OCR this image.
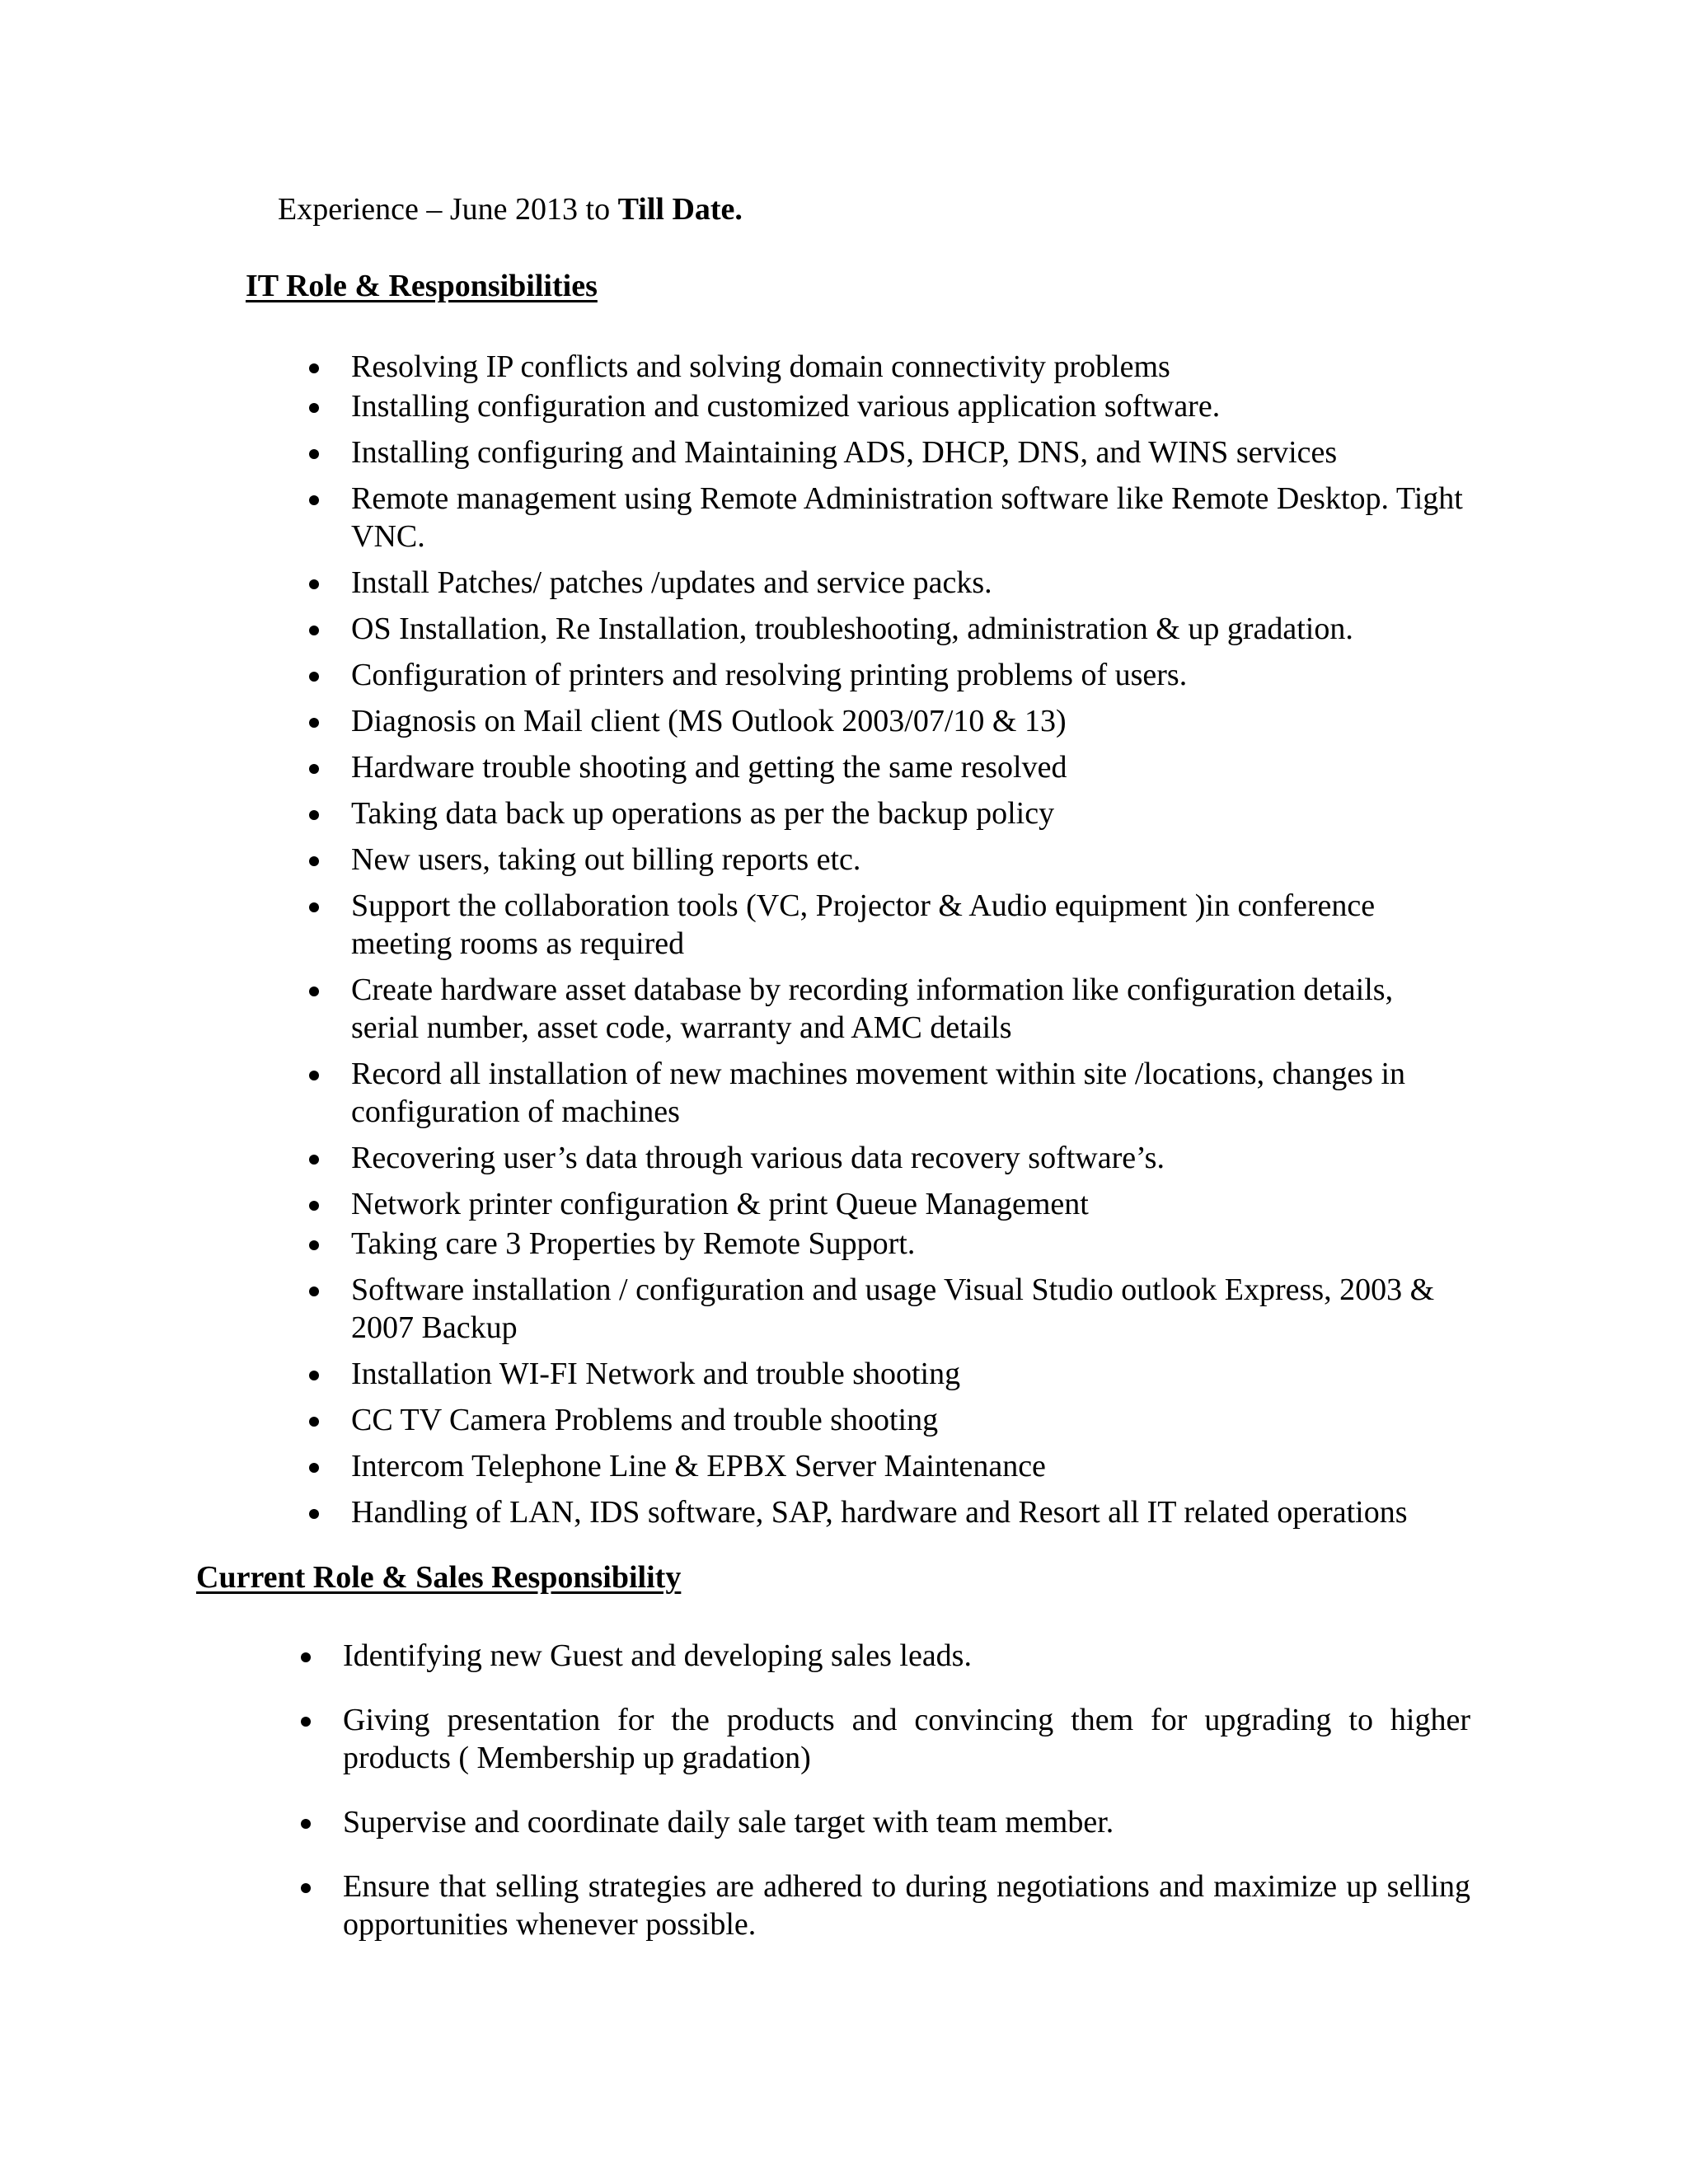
Experience – June 2013 to Till Date.
IT Role & Responsibilities
Resolving IP conflicts and solving domain connectivity problems
Installing configuration and customized various application software.
Installing configuring and Maintaining ADS, DHCP, DNS, and WINS services
Remote management using Remote Administration software like Remote Desktop. Tight VNC.
Install Patches/ patches /updates and service packs.
OS Installation, Re Installation, troubleshooting, administration & up gradation.
Configuration of printers and resolving printing problems of users.
Diagnosis on Mail client (MS Outlook 2003/07/10 & 13)
Hardware trouble shooting and getting the same resolved
Taking data back up operations as per the backup policy
New users, taking out billing reports etc.
Support the collaboration tools (VC, Projector & Audio equipment )in conference meeting rooms as required
Create hardware asset database by recording information like configuration details, serial number, asset code, warranty and AMC details
Record all installation of new machines movement within site /locations, changes in configuration of machines
Recovering user’s data through various data recovery software’s.
Network printer configuration & print Queue Management
Taking care 3 Properties by Remote Support.
Software installation / configuration and usage Visual Studio outlook Express, 2003 & 2007 Backup
Installation WI-FI Network and trouble shooting
CC TV Camera Problems and trouble shooting
Intercom Telephone Line & EPBX Server Maintenance
Handling of LAN, IDS software, SAP, hardware and Resort all IT related operations
Current Role & Sales Responsibility
Identifying new Guest and developing sales leads.
Giving presentation for the products and convincing them for upgrading to higher products ( Membership up gradation)
Supervise and coordinate daily sale target with team member.
Ensure that selling strategies are adhered to during negotiations and maximize up selling opportunities whenever possible.
